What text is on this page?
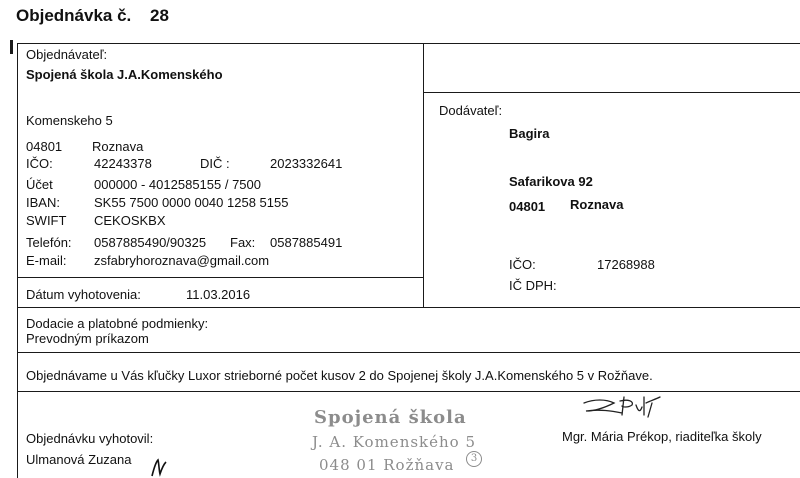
Objednávka č. 28
Objednávateľ:
Spojená škola J.A.Komenského
Komenskeho 5
04801 Roznava
IČO:	42243378	DIČ :	2023332641
Účet	000000 - 4012585155 / 7500
IBAN:	SK55 7500 0000 0040 1258 5155
SWIFT CEKOSKBX
Telefón: 0587885490/90325 Fax: 0587885491
E-mail: zsfabryhoroznava@gmail.com
Dátum vyhotovenia:	11.03.2016
Dodávateľ:
Bagira
Safarikova 92
04801 Roznava
IČO:	17268988
IČ DPH:
Dodacie a platobné podmienky:
Prevodným príkazom
Objednávame u Vás kľučky Luxor strieborné počet kusov 2 do Spojenej školy J.A.Komenského 5 v Rožňave.
Objednávku vyhotovil:
Ulmanová Zuzana
Spojená škola
J. A. Komenského 5
048 01 Rožňava	3
Mgr. Mária Prékop, riaditeľka školy
